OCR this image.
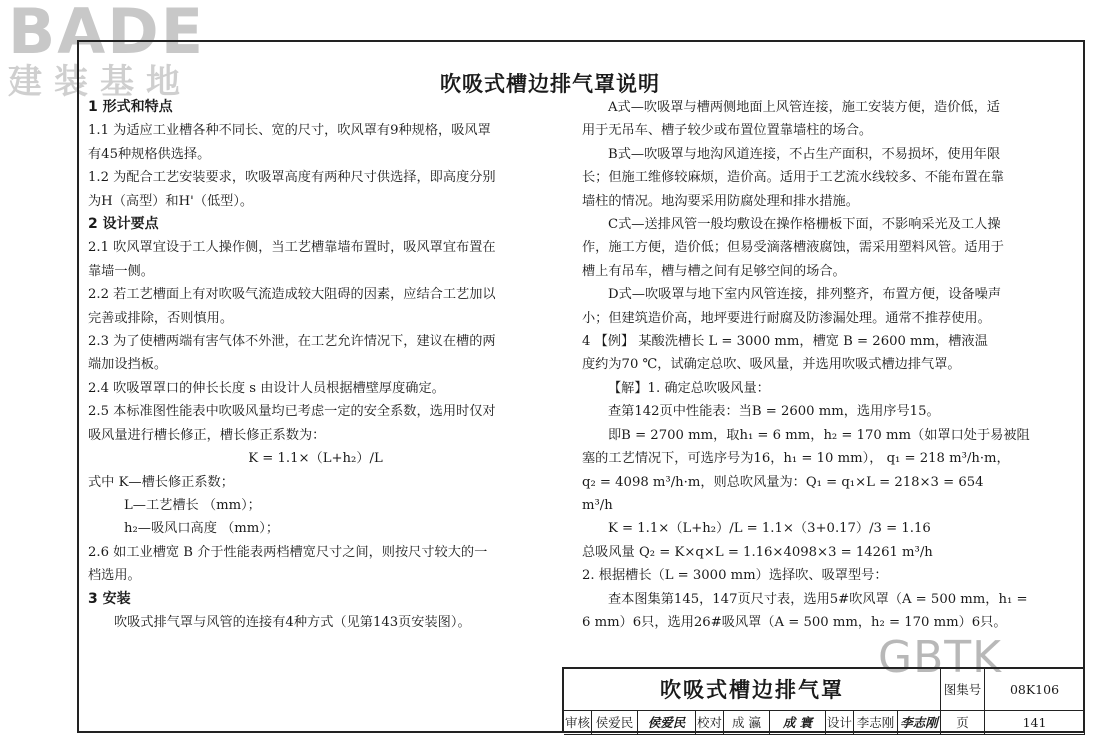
BADE
建装基地	吹吸式槽边排气罩说明

1 形式和特点

1.1 为适应工业槽各种不同长、宽的尺寸，吹风罩有9种规格，吸风罩

有45种规格供选择。

1.2 为配合工艺安装要求，吹吸罩高度有两种尺寸供选择，即高度分别

为H（高型）和H'（低型）。

2 设计要点

2.1 吹风罩宜设于工人操作侧，当工艺槽靠墙布置时，吸风罩宜布置在

靠墙一侧。

2.2 若工艺槽面上有对吹吸气流造成较大阻碍的因素，应结合工艺加以

完善或排除，否则慎用。

2.3 为了使槽两端有害气体不外泄，在工艺允许情况下，建议在槽的两

端加设挡板。

2.4 吹吸罩罩口的伸长长度 s 由设计人员根据槽壁厚度确定。

2.5 本标准图性能表中吹吸风量均已考虑一定的安全系数，选用时仅对

吸风量进行槽长修正，槽长修正系数为：

K = 1.1×（L+h₂）/L

式中 K—槽长修正系数；

L—工艺槽长 （mm）；

h₂—吸风口高度 （mm）；

2.6 如工业槽宽 B 介于性能表两档槽宽尺寸之间，则按尺寸较大的一

档选用。

3 安装

吹吸式排气罩与风管的连接有4种方式（见第143页安装图）。

A式—吹吸罩与槽两侧地面上风管连接，施工安装方便，造价低，适

用于无吊车、槽子较少或布置位置靠墙柱的场合。

B式—吹吸罩与地沟风道连接，不占生产面积，不易损坏，使用年限

长；但施工维修较麻烦，造价高。适用于工艺流水线较多、不能布置在靠

墙柱的情况。地沟要采用防腐处理和排水措施。

C式—送排风管一般均敷设在操作格栅板下面，不影响采光及工人操

作，施工方便，造价低；但易受滴落槽液腐蚀，需采用塑料风管。适用于

槽上有吊车，槽与槽之间有足够空间的场合。

D式—吹吸罩与地下室内风管连接，排列整齐，布置方便，设备噪声

小；但建筑造价高，地坪要进行耐腐及防渗漏处理。通常不推荐使用。

4 【例】 某酸洗槽长 L = 3000 mm，槽宽 B = 2600 mm，槽液温

度约为70 ℃，试确定总吹、吸风量，并选用吹吸式槽边排气罩。

【解】1. 确定总吹吸风量：

查第142页中性能表：当B = 2600 mm，选用序号15。

即B = 2700 mm，取h₁ = 6 mm，h₂ = 170 mm（如罩口处于易被阻

塞的工艺情况下，可选序号为16，h₁ = 10 mm）， q₁ = 218 m³/h·m，

q₂ = 4098 m³/h·m，则总吹风量为：Q₁ = q₁×L = 218×3 = 654

m³/h

K = 1.1×（L+h₂）/L = 1.1×（3+0.17）/3 = 1.16

总吸风量 Q₂ = K×q×L = 1.16×4098×3 = 14261 m³/h

2. 根据槽长（L = 3000 mm）选择吹、吸罩型号：

查本图集第145，147页尺寸表，选用5#吹风罩（A = 500 mm，h₁ =

6 mm）6只，选用26#吸风罩（A = 500 mm，h₂ = 170 mm）6只。

GBTK
吹吸式槽边排气罩	图集号	08K106
审核 侯爱民	侯爱民 校对 成 瀛	成 寰	设计 李志刚 李志刚	页	141
